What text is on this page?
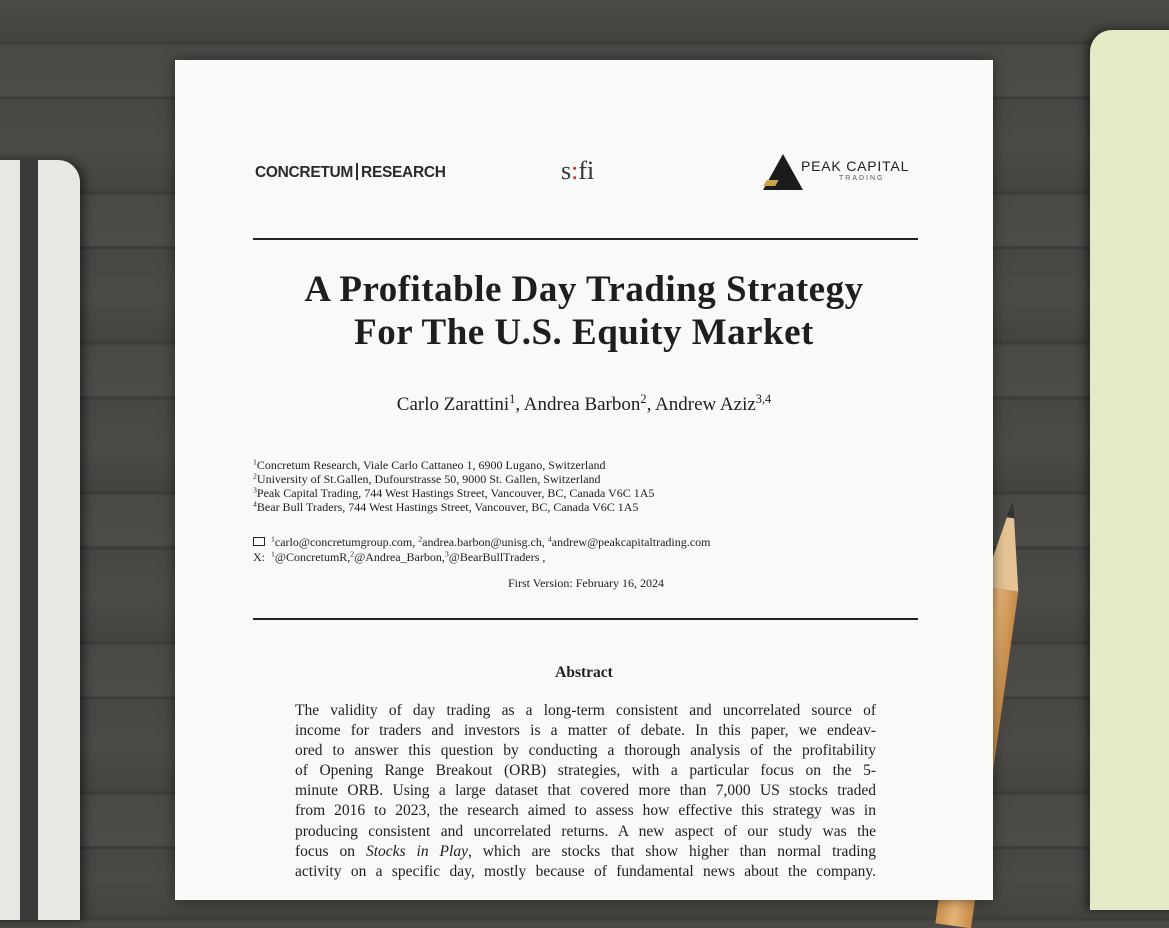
CONCRETUM RESEARCH	s:fi	PEAK CAPITAL
TRADING
A Profitable Day Trading Strategy
For The U.S. Equity Market
Carlo Zarattini$^1$, Andrea Barbon$^2$, Andrew Aziz$^{3,4}$
$^1$Concretum Research, Viale Carlo Cattaneo 1, 6900 Lugano, Switzerland
$^2$University of St.Gallen, Dufourstrasse 50, 9000 St. Gallen, Switzerland
$^3$Peak Capital Trading, 744 West Hastings Street, Vancouver, BC, Canada V6C 1A5
$^4$Bear Bull Traders, 744 West Hastings Street, Vancouver, BC, Canada V6C 1A5
$^1$carlo@concretumgroup.com, $^2$andrea.barbon@unisg.ch, $^4$andrew@peakcapitaltrading.com
X: $^1$@ConcretumR,$^2$@Andrea_Barbon,$^3$@BearBullTraders ,
First Version: February 16, 2024
Abstract
The validity of day trading as a long-term consistent and uncorrelated source of
income for traders and investors is a matter of debate. In this paper, we endeav-
ored to answer this question by conducting a thorough analysis of the profitability
of Opening Range Breakout (ORB) strategies, with a particular focus on the 5-
minute ORB. Using a large dataset that covered more than 7,000 US stocks traded
from 2016 to 2023, the research aimed to assess how effective this strategy was in
producing consistent and uncorrelated returns. A new aspect of our study was the
focus on Stocks in Play, which are stocks that show higher than normal trading
activity on a specific day, mostly because of fundamental news about the company.
